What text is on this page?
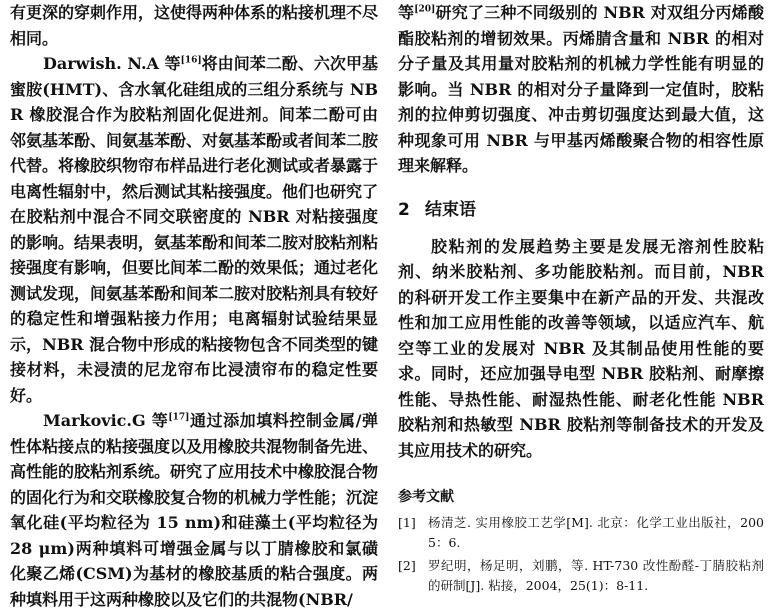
有更深的穿刺作用，这使得两种体系的粘接机理不尽相同。

Darwish. N.A 等[16]将由间苯二酚、六次甲基蜜胺(HMT)、含水氧化硅组成的三组分系统与 NBR 橡胶混合作为胶粘剂固化促进剂。间苯二酚可由邻氨基苯酚、间氨基苯酚、对氨基苯酚或者间苯二胺代替。将橡胶织物帘布样品进行老化测试或者暴露于电离性辐射中，然后测试其粘接强度。他们也研究了在胶粘剂中混合不同交联密度的 NBR 对粘接强度的影响。结果表明，氨基苯酚和间苯二胺对胶粘剂粘接强度有影响，但要比间苯二酚的效果低；通过老化测试发现，间氨基苯酚和间苯二胺对胶粘剂具有较好的稳定性和增强粘接力作用；电离辐射试验结果显示，NBR 混合物中形成的粘接物包含不同类型的键接材料，未浸渍的尼龙帘布比浸渍帘布的稳定性要好。

Markovic.G 等[17]通过添加填料控制金属/弹性体粘接点的粘接强度以及用橡胶共混物制备先进、高性能的胶粘剂系统。研究了应用技术中橡胶混合物的固化行为和交联橡胶复合物的机械力学性能；沉淀氧化硅(平均粒径为 15 nm)和硅藻土(平均粒径为 28 μm)两种填料可增强金属与以丁腈橡胶和氯磺化聚乙烯(CSM)为基材的橡胶基质的粘合强度。两种填料用于这两种橡胶以及它们的共混物(NBR/

等[20]研究了三种不同级别的 NBR 对双组分丙烯酸酯胶粘剂的增韧效果。丙烯腈含量和 NBR 的相对分子量及其用量对胶粘剂的机械力学性能有明显的影响。当 NBR 的相对分子量降到一定值时，胶粘剂的拉伸剪切强度、冲击剪切强度达到最大值，这种现象可用 NBR 与甲基丙烯酸聚合物的相容性原理来解释。

2 结束语

胶粘剂的发展趋势主要是发展无溶剂性胶粘剂、纳米胶粘剂、多功能胶粘剂。而目前，NBR 的科研开发工作主要集中在新产品的开发、共混改性和加工应用性能的改善等领域，以适应汽车、航空等工业的发展对 NBR 及其制品使用性能的要求。同时，还应加强导电型 NBR 胶粘剂、耐摩擦性能、导热性能、耐湿热性能、耐老化性能 NBR 胶粘剂和热敏型 NBR 胶粘剂等制备技术的开发及其应用技术的研究。

参考文献
[1] 杨清芝. 实用橡胶工艺学[M]. 北京：化学工业出版社，2005：6.
[2] 罗纪明，杨足明，刘鹏，等. HT-730 改性酚醛-丁腈胶粘剂的研制[J]. 粘接，2004，25(1)：8-11.
